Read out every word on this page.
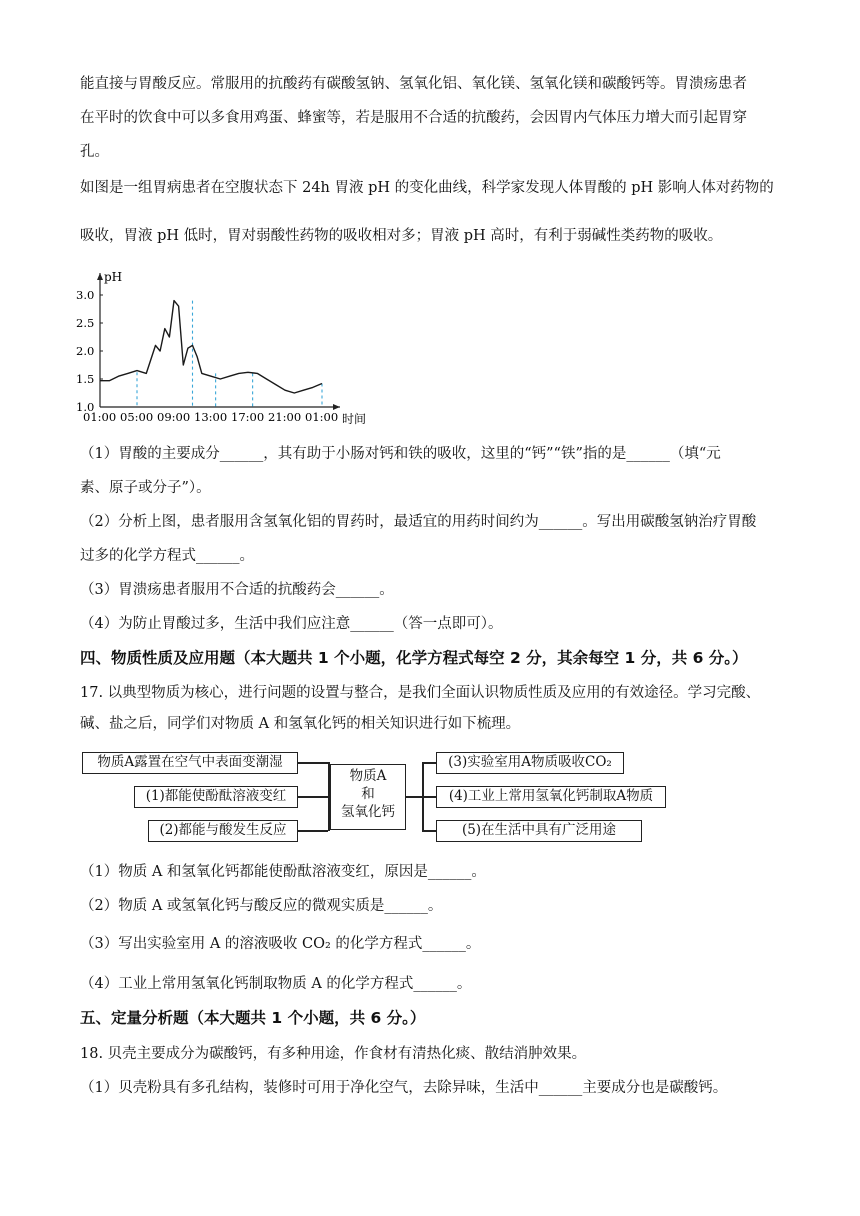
能直接与胃酸反应。常服用的抗酸药有碳酸氢钠、氢氧化铝、氧化镁、氢氧化镁和碳酸钙等。胃溃疡患者
在平时的饮食中可以多食用鸡蛋、蜂蜜等，若是服用不合适的抗酸药，会因胃内气体压力增大而引起胃穿
孔。
如图是一组胃病患者在空腹状态下 24h 胃液 pH 的变化曲线，科学家发现人体胃酸的 pH 影响人体对药物的
吸收，胃液 pH 低时，胃对弱酸性药物的吸收相对多；胃液 pH 高时，有利于弱碱性类药物的吸收。
pH
时间
1.0
1.5
2.0
2.5
3.0
01:00 05:00 09:00 13:00 17:00 21:00 01:00
（1）胃酸的主要成分______，其有助于小肠对钙和铁的吸收，这里的“钙”“铁”指的是______（填“元
素、原子或分子”）。
（2）分析上图，患者服用含氢氧化铝的胃药时，最适宜的用药时间约为______。写出用碳酸氢钠治疗胃酸
过多的化学方程式______。
（3）胃溃疡患者服用不合适的抗酸药会______。
（4）为防止胃酸过多，生活中我们应注意______（答一点即可）。
四、物质性质及应用题（本大题共 1 个小题，化学方程式每空 2 分，其余每空 1 分，共 6 分。）
17. 以典型物质为核心，进行问题的设置与整合，是我们全面认识物质性质及应用的有效途径。学习完酸、
碱、盐之后，同学们对物质 A 和氢氧化钙的相关知识进行如下梳理。
物质A露置在空气中表面变潮湿
(1)都能使酚酞溶液变红
(2)都能与酸发生反应
物质A
和
氢氧化钙
(3)实验室用A物质吸收CO₂
(4)工业上常用氢氧化钙制取A物质
(5)在生活中具有广泛用途
（1）物质 A 和氢氧化钙都能使酚酞溶液变红，原因是______。
（2）物质 A 或氢氧化钙与酸反应的微观实质是______。
（3）写出实验室用 A 的溶液吸收 CO₂ 的化学方程式______。
（4）工业上常用氢氧化钙制取物质 A 的化学方程式______。
五、定量分析题（本大题共 1 个小题，共 6 分。）
18. 贝壳主要成分为碳酸钙，有多种用途，作食材有清热化痰、散结消肿效果。
（1）贝壳粉具有多孔结构，装修时可用于净化空气，去除异味，生活中______主要成分也是碳酸钙。
